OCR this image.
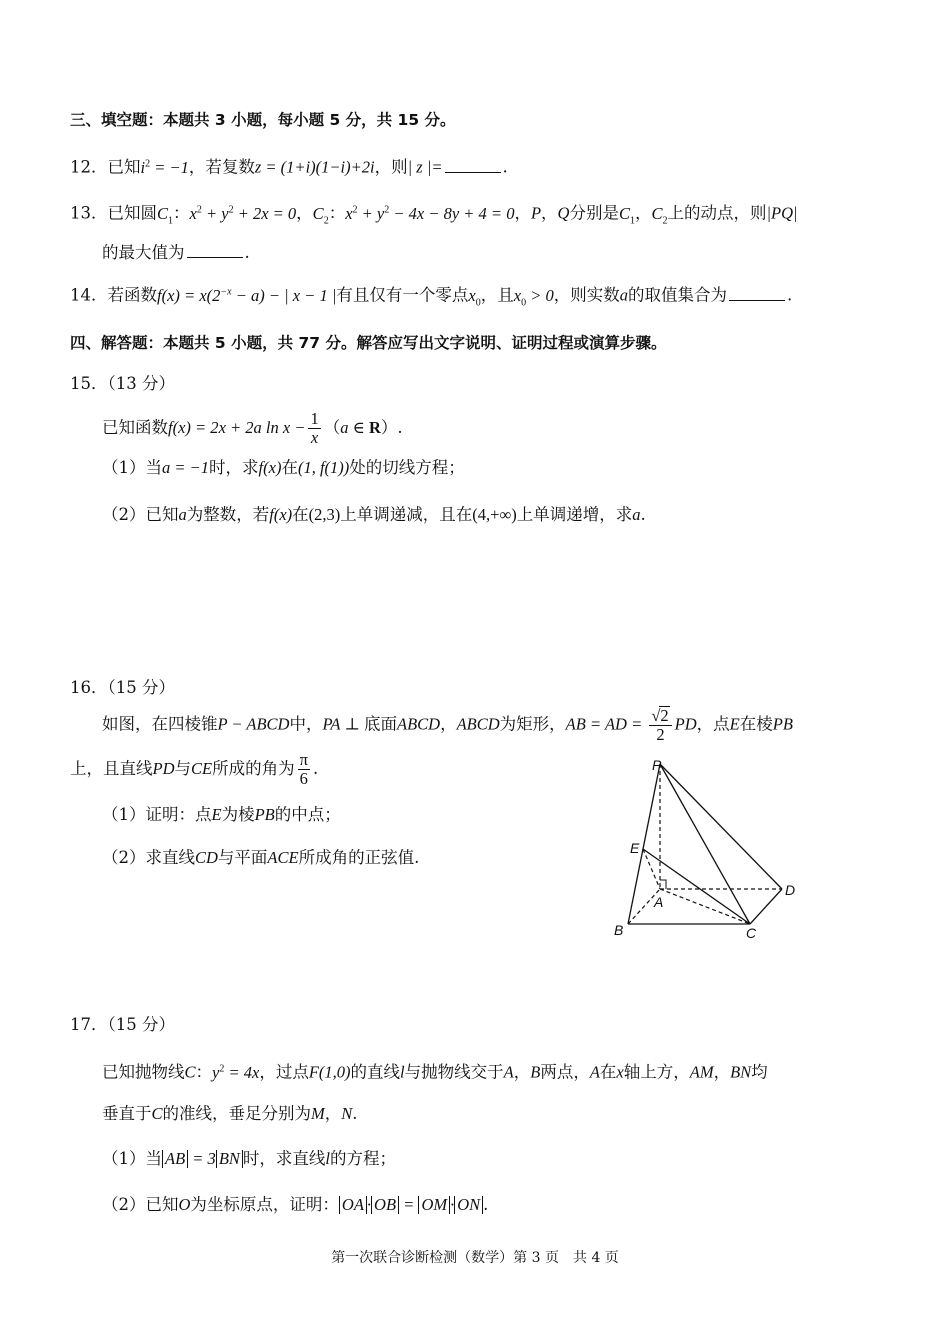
三、填空题：本题共 3 小题，每小题 5 分，共 15 分。
12．已知$i^2 = -1$，若复数z = (1+i)(1−i)+2i，则| z |=	.
13．已知圆$C_1$：$x^2 + y^2 + 2x = 0$，$C_2$：$x^2 + y^2 - 4x - 8y + 4 = 0$，P，Q分别是$C_1$，$C_2$上的动点，则|PQ|
的最大值为	.
14．若函数$f(x) = x(2^{-x} - a)$ − | x − 1 |有且仅有一个零点$x_0$，且$x_0 > 0$，则实数a的取值集合为	.
四、解答题：本题共 5 小题，共 77 分。解答应写出文字说明、证明过程或演算步骤。
15．（13 分）
已知函数f(x) = 2x + 2a $\ln x - \frac{1}{x} (a$ ∈ R）.
（1）当a = −1时，求f(x)在(1, f(1))处的切线方程；
（2）已知a为整数，若f(x)在(2,3)上单调递减，且在(4,+∞)上单调递增，求a.
16．（15 分）
如图，在四棱锥P − ABCD中，PA ⊥ 底面ABCD，ABCD为矩形，AB = AD = $\frac{√2}{2}$ PD，点E在棱PB
上，且直线PD与CE所成的角为 $\frac{\pi}{6}$ .
（1）证明：点E为棱PB的中点；
（2）求直线CD与平面ACE所成角的正弦值.
P
E
A
B	C
D
17．（15 分）
已知抛物线C：$y^2 = 4x$，过点F(1,0)的直线l与抛物线交于A，B两点，A在x轴上方，AM，BN均
垂直于C的准线，垂足分别为M，N.
（1）当 AB = 3 BN 时，求直线l的方程；
（2）已知O为坐标原点，证明： OA · OB = OM · ON .
第一次联合诊断检测（数学）第 3 页　共 4 页
